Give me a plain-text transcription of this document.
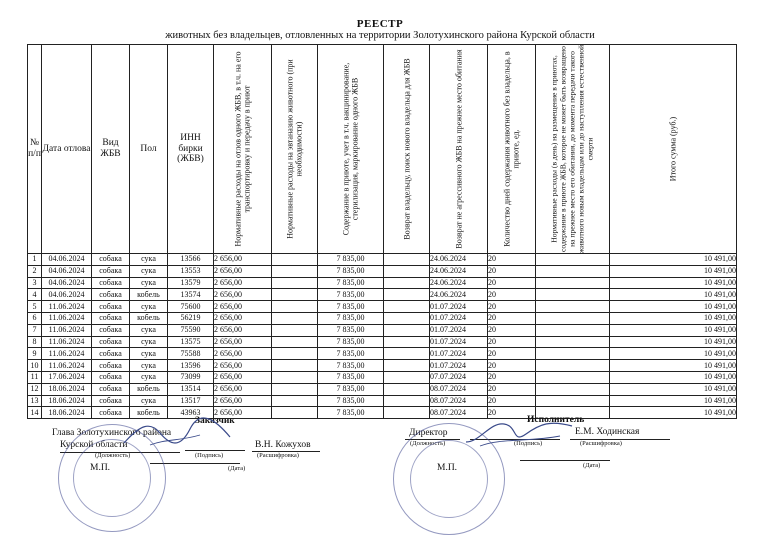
РЕЕСТР
животных без владельцев, отловленных на территории Золотухинского района Курской области
№ п/п	Дата отлова	Вид ЖБВ	Пол	ИНН бирки (ЖБВ)	Нормативные расходы на отлов одного ЖБВ, в т.ч. на его транспортировку и передачу в приют	Нормативные расходы на эвтаназию животного (при необходимости)	Содержание в приюте, учет в т.ч. вакцинирование, стерилизация, маркирование одного ЖБВ	Возврат владельцу, поиск нового владельца для ЖБВ	Возврат не агрессивного ЖБВ на прежнее место обитания	Количество дней содержания животного без владельца, в приюте, ед.	Нормативные расходы (в день) на размещение в приютах, содержание в приюте ЖБВ, которое не может быть возвращено на прежнее место его обитания, до момента передачи такого животного новым владельцам или до наступления естественной смерти	Итого сумма (руб.)

1	04.06.2024	собака	сука	13566	2 656,00		7 835,00		24.06.2024	20		10 491,00
2	04.06.2024	собака	сука	13553	2 656,00		7 835,00		24.06.2024	20		10 491,00
3	04.06.2024	собака	сука	13579	2 656,00		7 835,00		24.06.2024	20		10 491,00
4	04.06.2024	собака	кобель	13574	2 656,00		7 835,00		24.06.2024	20		10 491,00
5	11.06.2024	собака	сука	75600	2 656,00		7 835,00		01.07.2024	20		10 491,00
6	11.06.2024	собака	кобель	56219	2 656,00		7 835,00		01.07.2024	20		10 491,00
7	11.06.2024	собака	сука	75590	2 656,00		7 835,00		01.07.2024	20		10 491,00
8	11.06.2024	собака	сука	13575	2 656,00		7 835,00		01.07.2024	20		10 491,00
9	11.06.2024	собака	сука	75588	2 656,00		7 835,00		01.07.2024	20		10 491,00
10	11.06.2024	собака	сука	13596	2 656,00		7 835,00		01.07.2024	20		10 491,00
11	17.06.2024	собака	сука	73099	2 656,00		7 835,00		07.07.2024	20		10 491,00
12	18.06.2024	собака	кобель	13514	2 656,00		7 835,00		08.07.2024	20		10 491,00
13	18.06.2024	собака	сука	13517	2 656,00		7 835,00		08.07.2024	20		10 491,00
14	18.06.2024	собака	кобель	43963	2 656,00		7 835,00		08.07.2024	20		10 491,00
Заказчик
Глава Золотухинского района
Курской области
(Должность)	(Подпись)
В.Н. Кожухов
(Расшифровка)
М.П.	(Дата)
Исполнитель
Директор
(Должность)	(Подпись)
Е.М. Ходинская
(Расшифровка)
М.П.	(Дата)
